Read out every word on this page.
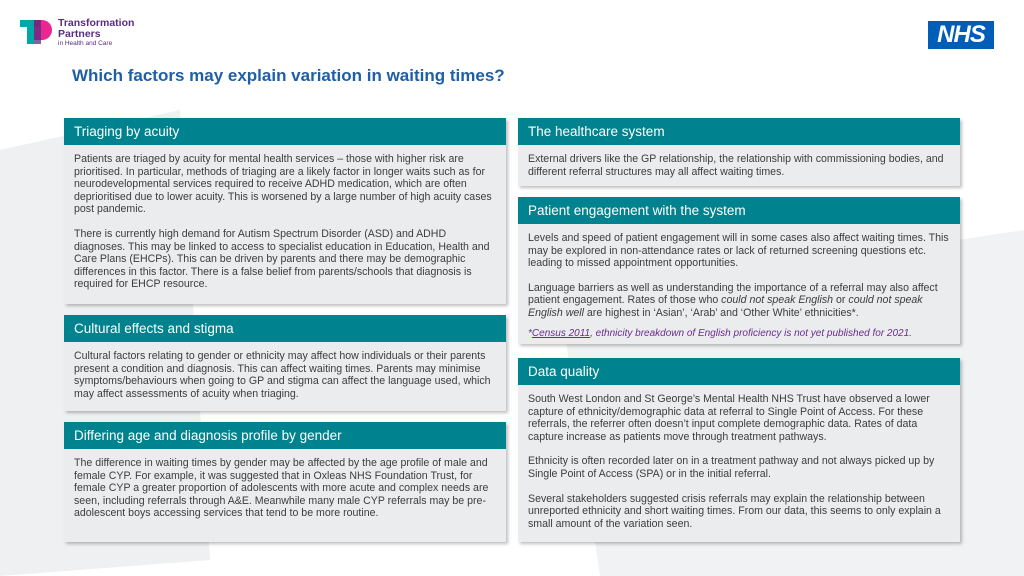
Transformation
Partners
in Health and Care	NHS
Which factors may explain variation in waiting times?
Triaging by acuity

Patients are triaged by acuity for mental health services – those with higher risk are prioritised. In particular, methods of triaging are a likely factor in longer waits such as for neurodevelopmental services required to receive ADHD medication, which are often deprioritised due to lower acuity. This is worsened by a large number of high acuity cases post pandemic.

There is currently high demand for Autism Spectrum Disorder (ASD) and ADHD diagnoses. This may be linked to access to specialist education in Education, Health and Care Plans (EHCPs). This can be driven by parents and there may be demographic differences in this factor. There is a false belief from parents/schools that diagnosis is required for EHCP resource.

Cultural effects and stigma

Cultural factors relating to gender or ethnicity may affect how individuals or their parents present a condition and diagnosis. This can affect waiting times. Parents may minimise symptoms/behaviours when going to GP and stigma can affect the language used, which may affect assessments of acuity when triaging.

Differing age and diagnosis profile by gender

The difference in waiting times by gender may be affected by the age profile of male and female CYP. For example, it was suggested that in Oxleas NHS Foundation Trust, for female CYP a greater proportion of adolescents with more acute and complex needs are seen, including referrals through A&E. Meanwhile many male CYP referrals may be pre-adolescent boys accessing services that tend to be more routine.

The healthcare system

External drivers like the GP relationship, the relationship with commissioning bodies, and different referral structures may all affect waiting times.

Patient engagement with the system

Levels and speed of patient engagement will in some cases also affect waiting times. This may be explored in non-attendance rates or lack of returned screening questions etc. leading to missed appointment opportunities.

Language barriers as well as understanding the importance of a referral may also affect patient engagement. Rates of those who could not speak English or could not speak English well are highest in ‘Asian’, ‘Arab’ and ‘Other White’ ethnicities*.

*Census 2011, ethnicity breakdown of English proficiency is not yet published for 2021.

Data quality

South West London and St George’s Mental Health NHS Trust have observed a lower capture of ethnicity/demographic data at referral to Single Point of Access. For these referrals, the referrer often doesn’t input complete demographic data. Rates of data capture increase as patients move through treatment pathways.

Ethnicity is often recorded later on in a treatment pathway and not always picked up by Single Point of Access (SPA) or in the initial referral.

Several stakeholders suggested crisis referrals may explain the relationship between unreported ethnicity and short waiting times. From our data, this seems to only explain a small amount of the variation seen.
